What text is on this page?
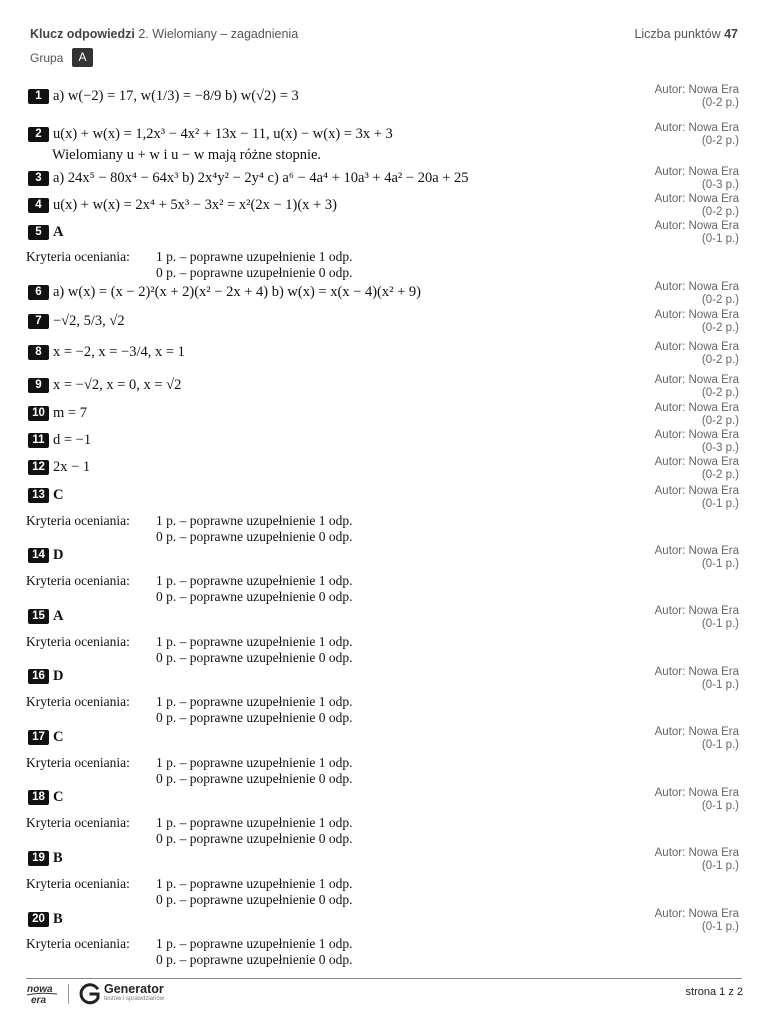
Klucz odpowiedzi 2. Wielomiany – zagadnienia	Liczba punktów 47
Grupa	A
1 a) w(−2) = 17, w(1/3) = −8/9 b) w(√2) = 3	Autor: Nowa Era
(0-2 p.)
2 u(x) + w(x) = 1,2x³ − 4x² + 13x − 11, u(x) − w(x) = 3x + 3
Wielomiany u + w i u − w mają różne stopnie.
Autor: Nowa Era
(0-2 p.)
3 a) 24x⁵ − 80x⁴ − 64x³ b) 2x⁴y² − 2y⁴ c) a⁶ − 4a⁴ + 10a³ + 4a² − 20a + 25	Autor: Nowa Era
(0-3 p.)
4 u(x) + w(x) = 2x⁴ + 5x³ − 3x² = x²(2x − 1)(x + 3)	Autor: Nowa Era
(0-2 p.)
5 A	Autor: Nowa Era
(0-1 p.)
Kryteria oceniania: 1 p. – poprawne uzupełnienie 1 odp.
0 p. – poprawne uzupełnienie 0 odp.
6 a) w(x) = (x − 2)²(x + 2)(x² − 2x + 4) b) w(x) = x(x − 4)(x² + 9)	Autor: Nowa Era
(0-2 p.)
7 −√2, 5/3, √2	Autor: Nowa Era
(0-2 p.)
8 x = −2, x = −3/4, x = 1	Autor: Nowa Era
(0-2 p.)
9 x = −√2, x = 0, x = √2	Autor: Nowa Era
(0-2 p.)
10 m = 7	Autor: Nowa Era
(0-2 p.)
11 d = −1	Autor: Nowa Era
(0-3 p.)
12 2x − 1	Autor: Nowa Era
(0-2 p.)
13 C	Autor: Nowa Era
(0-1 p.)
Kryteria oceniania: 1 p. – poprawne uzupełnienie 1 odp.
0 p. – poprawne uzupełnienie 0 odp.
14 D	Autor: Nowa Era
(0-1 p.)
Kryteria oceniania: 1 p. – poprawne uzupełnienie 1 odp.
0 p. – poprawne uzupełnienie 0 odp.
15 A	Autor: Nowa Era
(0-1 p.)
Kryteria oceniania: 1 p. – poprawne uzupełnienie 1 odp.
0 p. – poprawne uzupełnienie 0 odp.
16 D	Autor: Nowa Era
(0-1 p.)
Kryteria oceniania: 1 p. – poprawne uzupełnienie 1 odp.
0 p. – poprawne uzupełnienie 0 odp.
17 C	Autor: Nowa Era
(0-1 p.)
Kryteria oceniania: 1 p. – poprawne uzupełnienie 1 odp.
0 p. – poprawne uzupełnienie 0 odp.
18 C	Autor: Nowa Era
(0-1 p.)
Kryteria oceniania: 1 p. – poprawne uzupełnienie 1 odp.
0 p. – poprawne uzupełnienie 0 odp.
19 B	Autor: Nowa Era
(0-1 p.)
Kryteria oceniania: 1 p. – poprawne uzupełnienie 1 odp.
0 p. – poprawne uzupełnienie 0 odp.
20 B	Autor: Nowa Era
(0-1 p.)
Kryteria oceniania: 1 p. – poprawne uzupełnienie 1 odp.
0 p. – poprawne uzupełnienie 0 odp.
nowa
era
Generator
testów i sprawdzianów
strona 1 z 2
